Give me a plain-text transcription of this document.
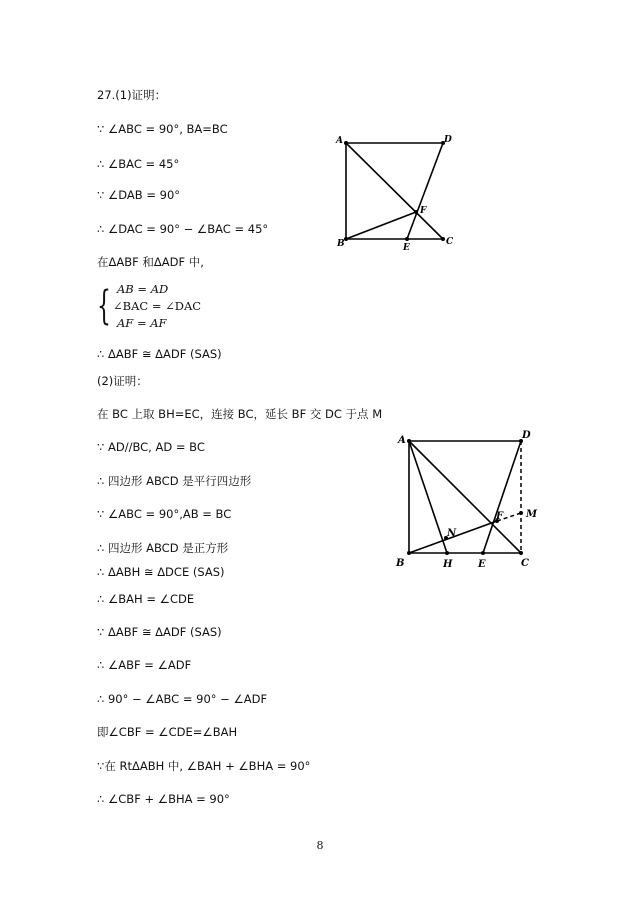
27.(1)证明：
∵ ∠ABC = 90°, BA=BC
∴ ∠BAC = 45°
∵ ∠DAB = 90°
∴ ∠DAC = 90° − ∠BAC = 45°
在ΔABF 和ΔADF 中,
{ AB = AD
∠BAC = ∠DAC
AF = AF
∴ ΔABF ≅ ΔADF (SAS)
(2)证明：
在 BC 上取 BH=EC，连接 BC，延长 BF 交 DC 于点 M
∵ AD//BC, AD = BC
∴ 四边形 ABCD 是平行四边形
∵ ∠ABC = 90°,AB = BC
∴ 四边形 ABCD 是正方形
∴ ΔABH ≅ ΔDCE (SAS)
∴ ∠BAH = ∠CDE
∵ ΔABF ≅ ΔADF (SAS)
∴ ∠ABF = ∠ADF
∴ 90° − ∠ABC = 90° − ∠ADF
即∠CBF = ∠CDE=∠BAH
∵在 RtΔABH 中, ∠BAH + ∠BHA = 90°
∴ ∠CBF + ∠BHA = 90°
A	D
F
B	E
C
A	D
M
F
N
B	H	E	C
8
